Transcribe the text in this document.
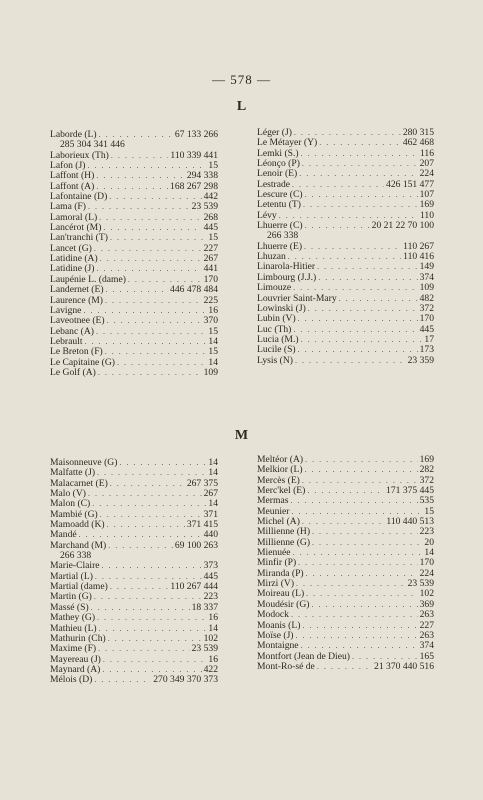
— 578 —
L
Laborde (L) . . .	67 133 266
285 304 341 446
Laborieux (Th) . . .	110 339 441
Lafon (J) . . .	15
Laffont (H) . . .	294 338
Laffont (A) . . .	168 267 298
Lafontaine (D) . . .	442
Lama (F) . . .	23 539
Lamoral (L) . . .	268
Lancérot (M) . . .	445
Lan'tranchi (T) . . .	15
Lancet (G) . . .	227
Latidine (A) . . .	267
Latidine (J) . . .	441
Laupénie L. (dame) . . .	170
Landernet (E) . . .	446 478 484
Laurence (M) . . .	225
Lavigne . . .	16
Laveotnee (E) . . .	370
Lebanc (A) . . .	15
Lebrault . . .	14
Le Breton (F) . . .	15
Le Capitaine (G) . . .	14
Le Golf (A) . . .	109
Léger (J) . . .	280 315
Le Métayer (Y) . . .	462 468
Lemki (S.) . . .	116
Léonço (P) . . .	207
Lenoir (E) . . .	224
Lestrade . . .	426 151 477
Lescure (C) . . .	107
Letentu (T) . . .	169
Lévy . . .	110
Lhuerre (C) . . .	20 21 22 70 100
266 338
Lhuerre (E) . . .	110 267
Lhuzan . . .	110 416
Linarola-Hitier . . .	149
Limbourg (J.J.) . . .	374
Limouze . . .	109
Louvrier Saint-Mary . . .	482
Lowinski (J) . . .	372
Lubin (V) . . .	170
Luc (Th) . . .	445
Lucia (M.) . . .	17
Lucile (S) . . .	173
Lysis (N) . . .	23 359
M
Maisonneuve (G) . . .	14
Malfatte (J) . . .	14
Malacarnet (E) . . .	267 375
Malo (V) . . .	267
Malon (C) . . .	14
Mambié (G) . . .	371
Mamoadd (K) . . .	371 415
Mandé . . .	440
Marchand (M) . . .	69 100 263
266 338
Marie-Claire . . .	373
Martial (L) . . .	445
Martial (dame) . . .	110 267 444
Martin (G) . . .	223
Massé (S) . . .	18 337
Mathey (G) . . .	16
Mathieu (L) . . .	14
Mathurin (Ch) . . .	102
Maxime (F) . . .	23 539
Mayereau (J) . . .	16
Maynard (A) . . .	422
Mélois (D) . . .	270 349 370 373
Meltéor (A) . . .	169
Melkior (L) . . .	282
Mercès (E) . . .	372
Merc'kel (E) . . .	171 375 445
Mermas . . .	535
Meunier . . .	15
Michel (A) . . .	110 440 513
Millienne (H) . . .	223
Millienne (G) . . .	20
Mienuée . . .	14
Minfir (P) . . .	170
Miranda (P) . . .	224
Mirzi (V) . . .	23 539
Moireau (L) . . .	102
Moudésir (G) . . .	369
Modock . . .	263
Moanis (L) . . .	227
Moïse (J) . . .	263
Montaigne . . .	374
Montfort (Jean de Dieu) . . .	165
Mont-Ro-sé de . . .	21 370 440 516
